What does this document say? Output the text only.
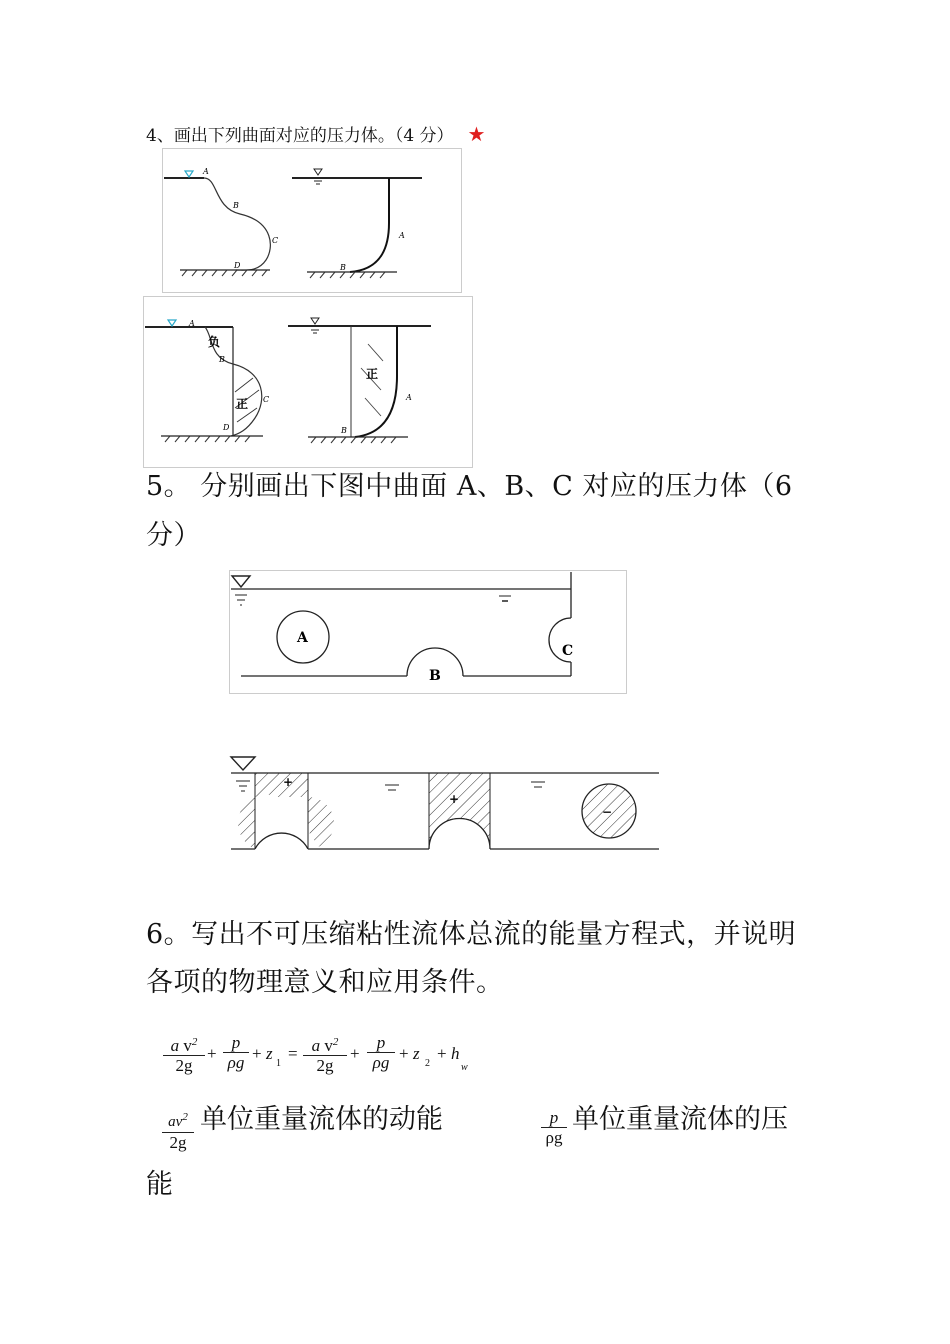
4、画出下列曲面对应的压力体。（4 分） ★
A
B
C
D
A
B
负
正
A
B
C
D
正
A
B
5。 分别画出下图中曲面 A、B、C 对应的压力体（6
分）
A
B
C
+
+
−
6。写出不可压缩粘性流体总流的能量方程式，并说明
各项的物理意义和应用条件。
$\frac{a v^2}{2g} + \frac{p}{\rho g} + z$
1
= $\frac{a v^2}{2g} + \frac{p}{\rho g} + z$
2
+ h
w
$\frac{av^2}{2g}$ 单位重量流体的动能	$\frac{p}{\rho g}$ 单位重量流体的压
能
